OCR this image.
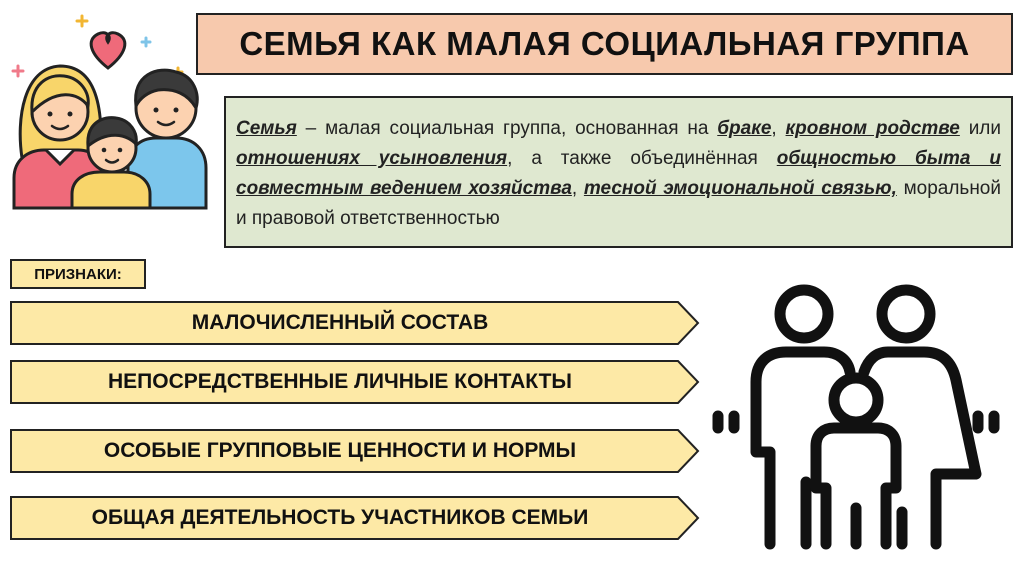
СЕМЬЯ КАК МАЛАЯ СОЦИАЛЬНАЯ ГРУППА

Семья – малая социальная группа, основанная на браке, кровном родстве или отношениях усыновления, а также объединённая общностью быта и совместным ведением хозяйства, тесной эмоциональной связью, моральной и правовой ответственностью

ПРИЗНАКИ:
МАЛОЧИСЛЕННЫЙ СОСТАВ
НЕПОСРЕДСТВЕННЫЕ ЛИЧНЫЕ КОНТАКТЫ
ОСОБЫЕ ГРУППОВЫЕ ЦЕННОСТИ И НОРМЫ
ОБЩАЯ ДЕЯТЕЛЬНОСТЬ УЧАСТНИКОВ СЕМЬИ
